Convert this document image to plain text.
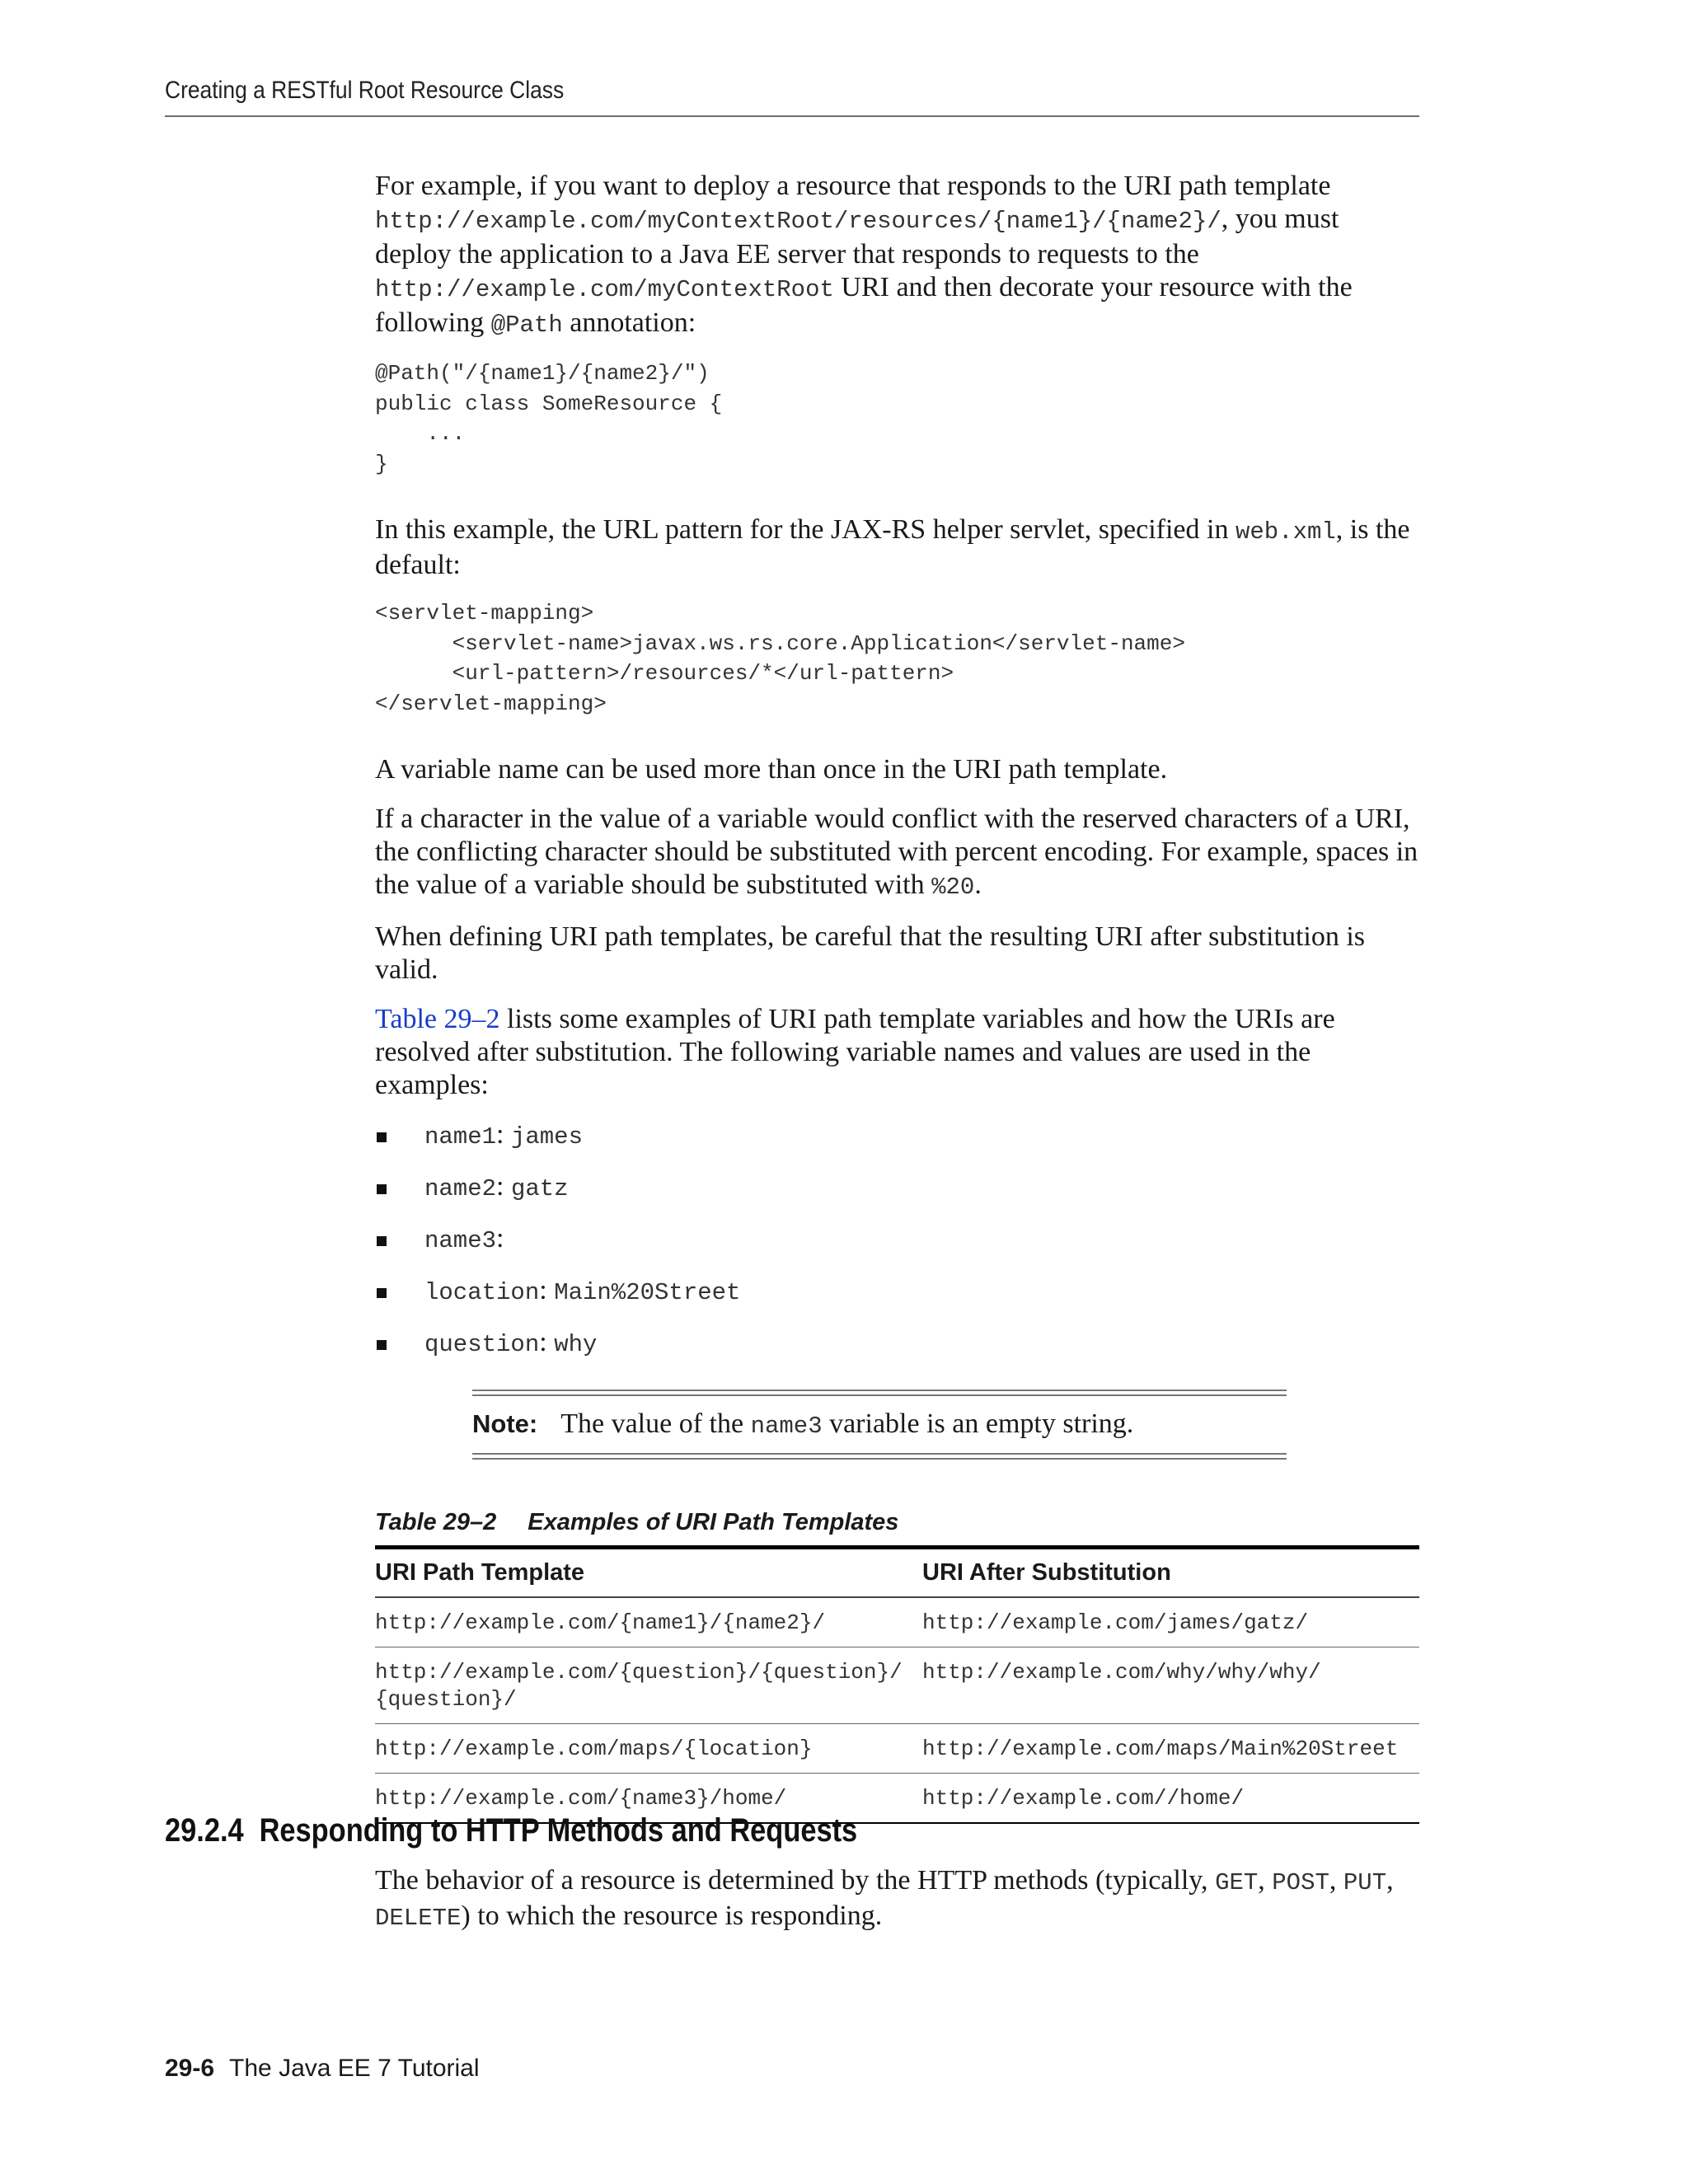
Creating a RESTful Root Resource Class

For example, if you want to deploy a resource that responds to the URI path template http://example.com/myContextRoot/resources/{name1}/{name2}/, you must deploy the application to a Java EE server that responds to requests to the http://example.com/myContextRoot URI and then decorate your resource with the following @Path annotation:

@Path("/{name1}/{name2}/")
public class SomeResource {
...
}

In this example, the URL pattern for the JAX-RS helper servlet, specified in web.xml, is the default:

<servlet-mapping>
<servlet-name>javax.ws.rs.core.Application</servlet-name>
<url-pattern>/resources/*</url-pattern>
</servlet-mapping>

A variable name can be used more than once in the URI path template.

If a character in the value of a variable would conflict with the reserved characters of a URI, the conflicting character should be substituted with percent encoding. For example, spaces in the value of a variable should be substituted with %20.

When defining URI path templates, be careful that the resulting URI after substitution is valid.

Table 29–2 lists some examples of URI path template variables and how the URIs are resolved after substitution. The following variable names and values are used in the examples:

name1: james
name2: gatz
name3:
location: Main%20Street
question: why
Note: The value of the name3 variable is an empty string.
Table 29–2 Examples of URI Path Templates
URI Path Template	URI After Substitution
http://example.com/{name1}/{name2}/	http://example.com/james/gatz/
http://example.com/{question}/{question}/
{question}/	http://example.com/why/why/why/
http://example.com/maps/{location}	http://example.com/maps/Main%20Street
http://example.com/{name3}/home/	http://example.com//home/
29.2.4 Responding to HTTP Methods and Requests

The behavior of a resource is determined by the HTTP methods (typically, GET, POST, PUT, DELETE) to which the resource is responding.

29-6 The Java EE 7 Tutorial
